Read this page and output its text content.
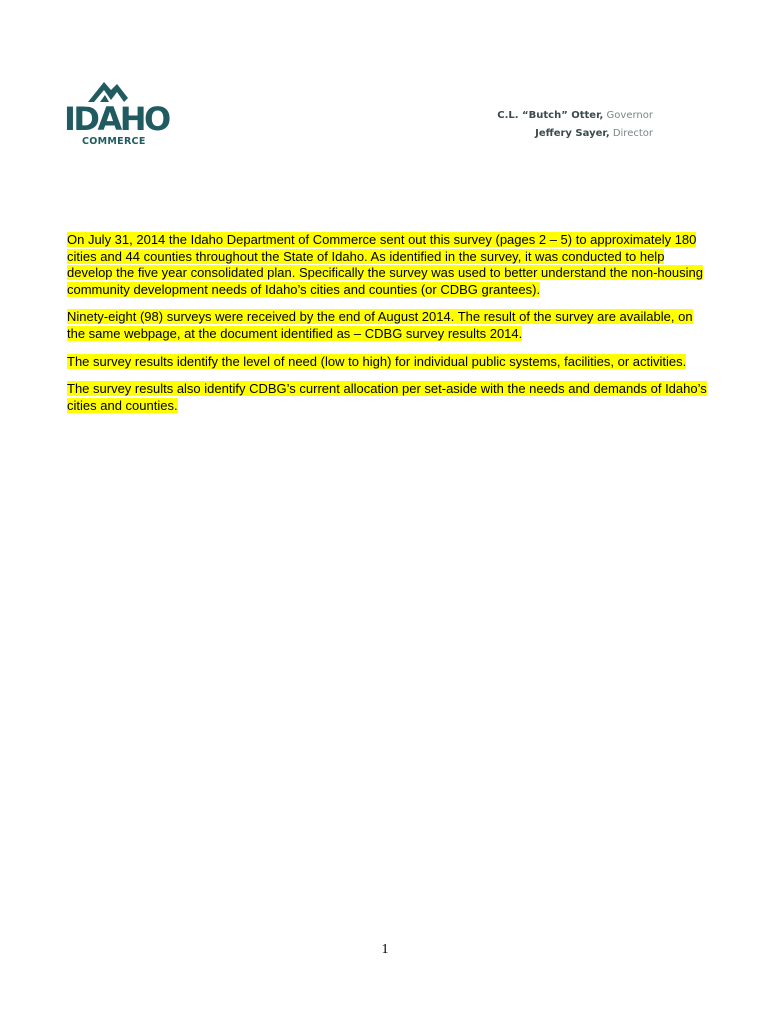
IDAHO
COMMERCE
C.L. “Butch” Otter, Governor
Jeffery Sayer, Director

On July 31, 2014 the Idaho Department of Commerce sent out this survey (pages 2 – 5) to approximately 180 cities and 44 counties throughout the State of Idaho. As identified in the survey, it was conducted to help develop the five year consolidated plan. Specifically the survey was used to better understand the non-housing community development needs of Idaho’s cities and counties (or CDBG grantees).

Ninety-eight (98) surveys were received by the end of August 2014. The result of the survey are available, on the same webpage, at the document identified as – CDBG survey results 2014.

The survey results identify the level of need (low to high) for individual public systems, facilities, or activities.

The survey results also identify CDBG’s current allocation per set-aside with the needs and demands of Idaho’s cities and counties.

1
